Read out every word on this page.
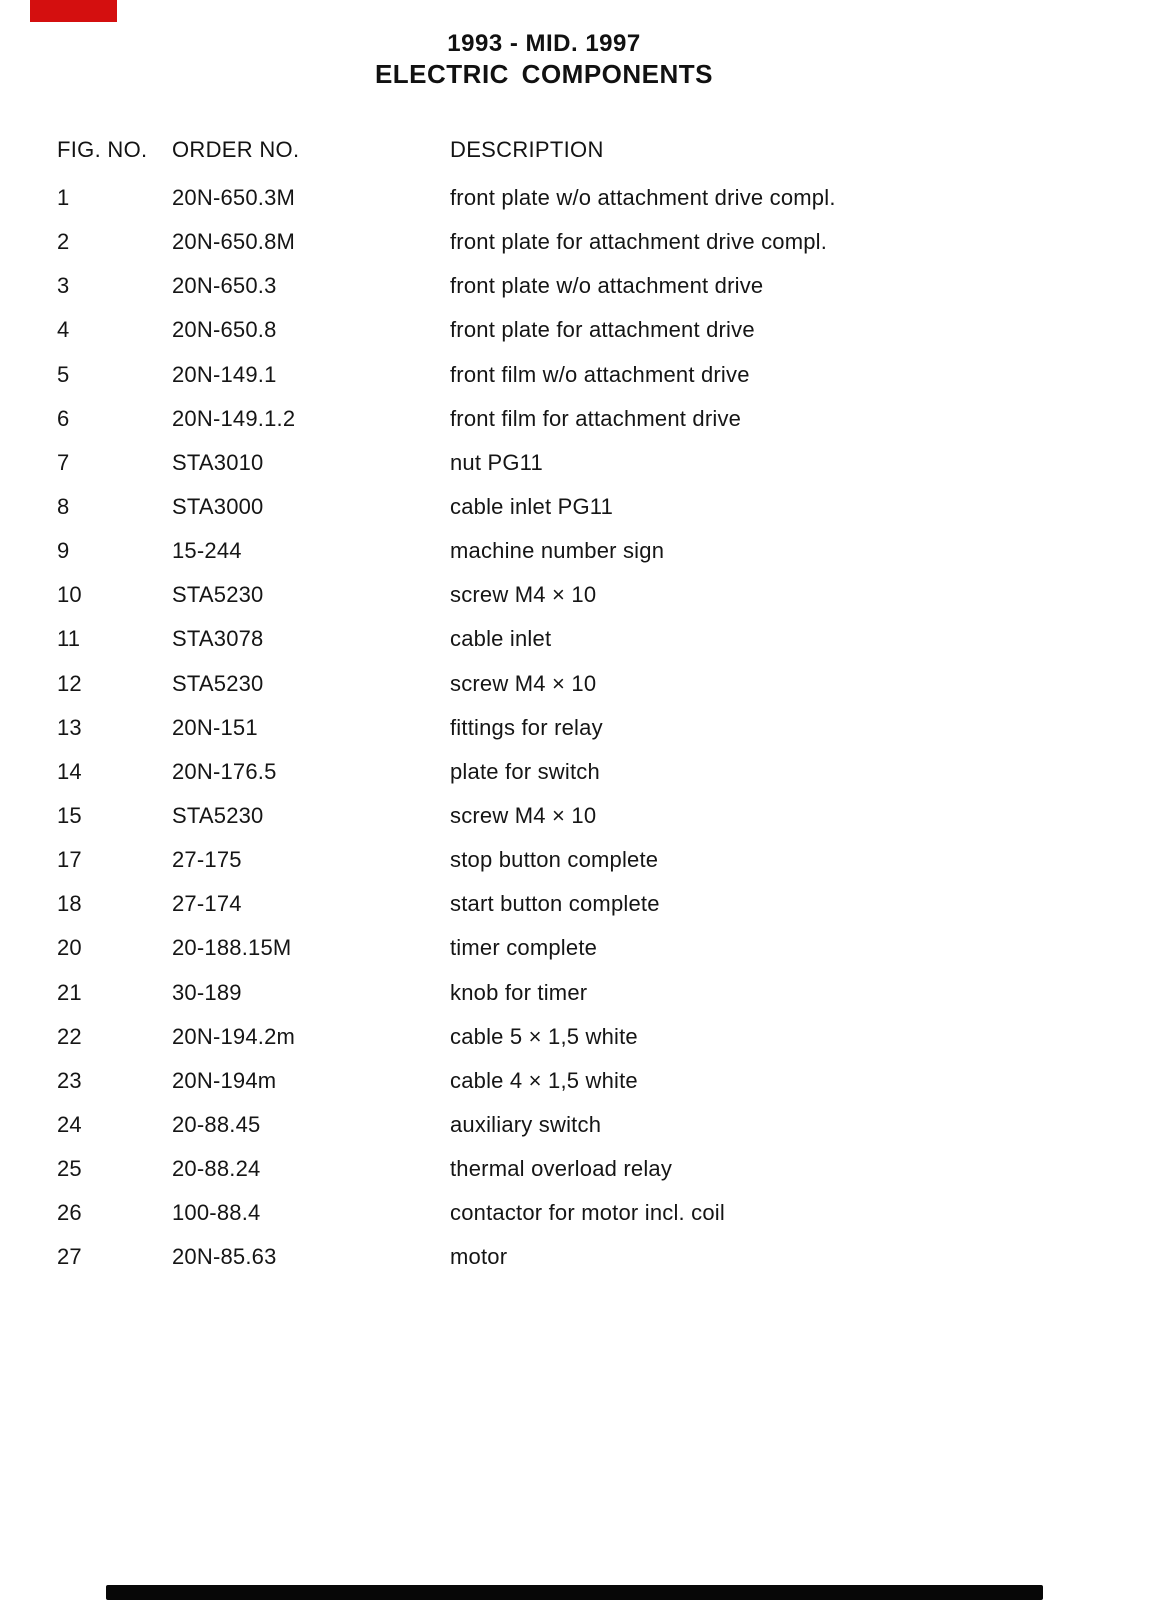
1993 - MID. 1997
ELECTRIC COMPONENTS
FIG. NO.	ORDER NO.	DESCRIPTION
1	20N-650.3M	front plate w/o attachment drive compl.
2	20N-650.8M	front plate for attachment drive compl.
3	20N-650.3	front plate w/o attachment drive
4	20N-650.8	front plate for attachment drive
5	20N-149.1	front film w/o attachment drive
6	20N-149.1.2	front film for attachment drive
7	STA3010	nut PG11
8	STA3000	cable inlet PG11
9	15-244	machine number sign
10	STA5230	screw M4 × 10
11	STA3078	cable inlet
12	STA5230	screw M4 × 10
13	20N-151	fittings for relay
14	20N-176.5	plate for switch
15	STA5230	screw M4 × 10
17	27-175	stop button complete
18	27-174	start button complete
20	20-188.15M	timer complete
21	30-189	knob for timer
22	20N-194.2m	cable 5 × 1,5 white
23	20N-194m	cable 4 × 1,5 white
24	20-88.45	auxiliary switch
25	20-88.24	thermal overload relay
26	100-88.4	contactor for motor incl. coil
27	20N-85.63	motor
